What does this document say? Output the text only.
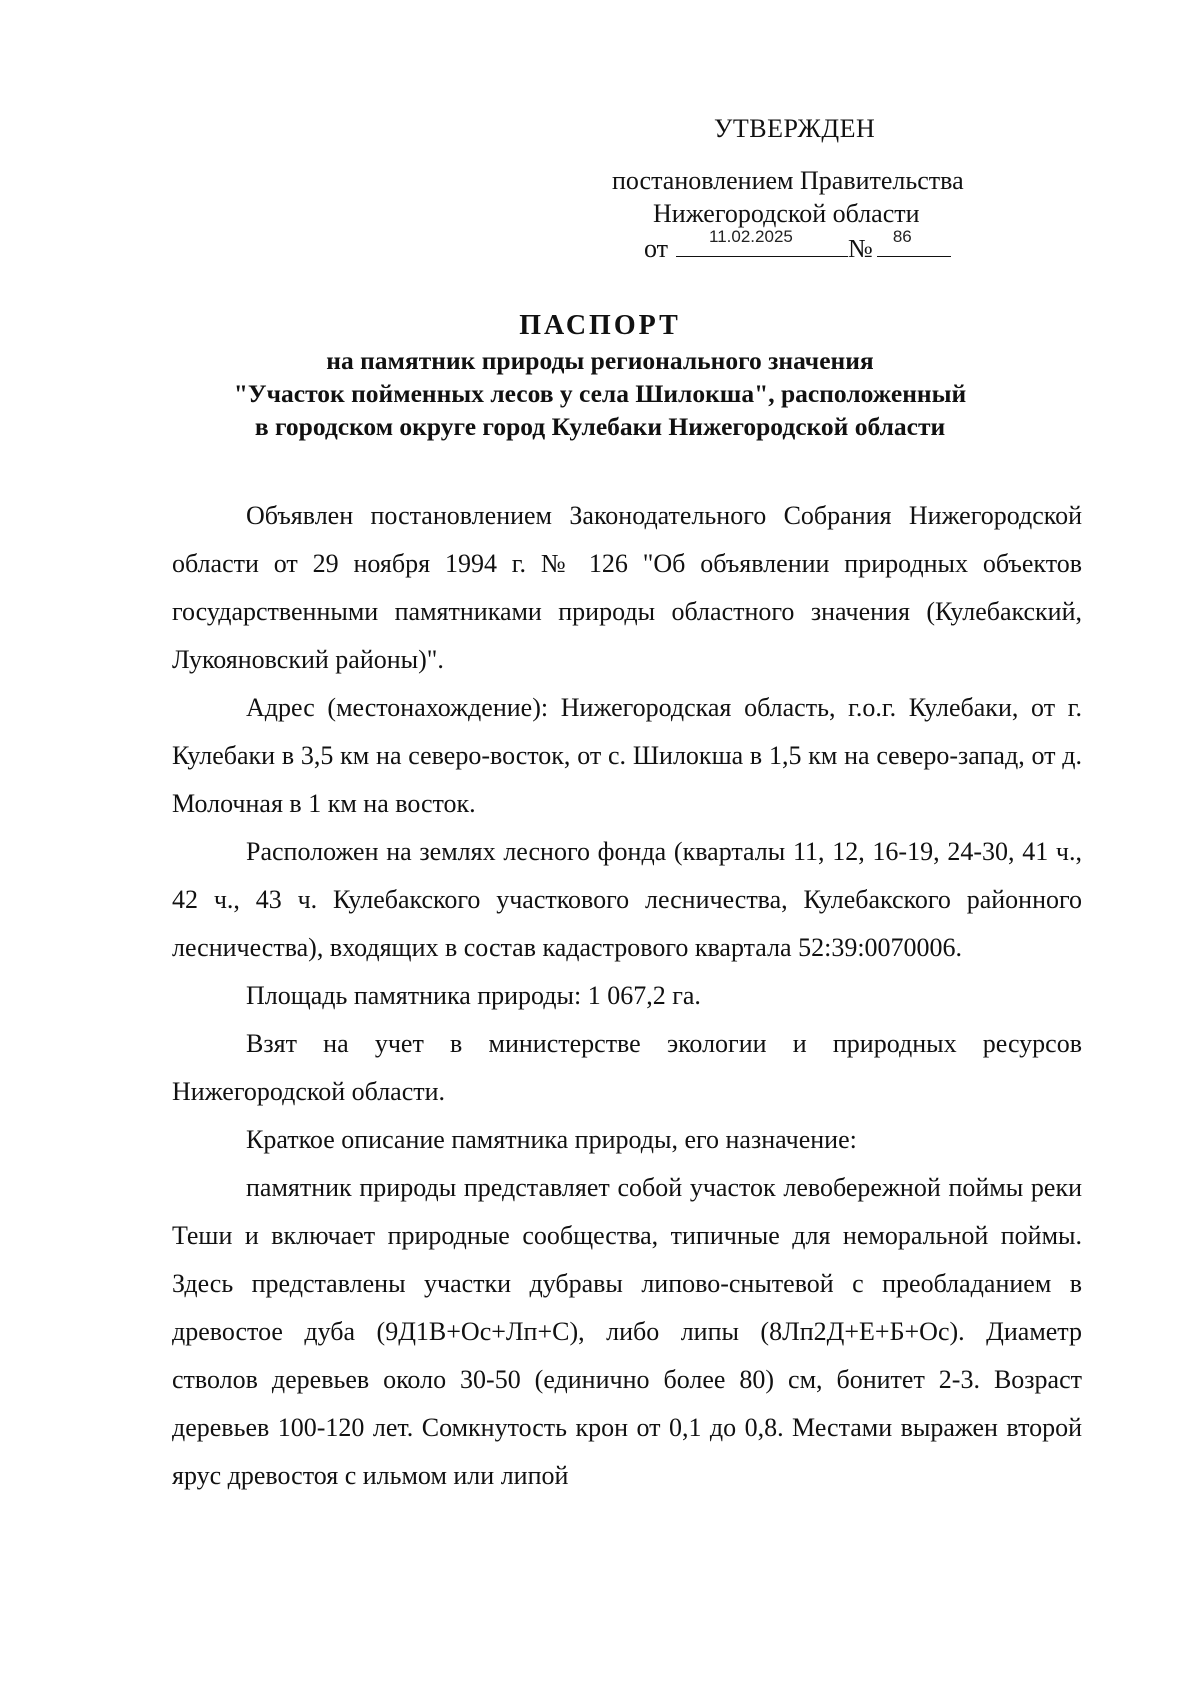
УТВЕРЖДЕН
постановлением Правительства
Нижегородской области
от 11.02.2025 № 86
ПАСПОРТ
на памятник природы регионального значения
"Участок пойменных лесов у села Шилокша", расположенный
в городском округе город Кулебаки Нижегородской области

Объявлен постановлением Законодательного Собрания Нижегородской области от 29 ноября 1994 г. № 126 "Об объявлении природных объектов государственными памятниками природы областного значения (Кулебакский, Лукояновский районы)".

Адрес (местонахождение): Нижегородская область, г.о.г. Кулебаки, от г. Кулебаки в 3,5 км на северо-восток, от с. Шилокша в 1,5 км на северо-запад, от д. Молочная в 1 км на восток.

Расположен на землях лесного фонда (кварталы 11, 12, 16-19, 24-30, 41 ч., 42 ч., 43 ч. Кулебакского участкового лесничества, Кулебакского районного лесничества), входящих в состав кадастрового квартала 52:39:0070006.

Площадь памятника природы: 1 067,2 га.

Взят на учет в министерстве экологии и природных ресурсов Нижегородской области.

Краткое описание памятника природы, его назначение:

памятник природы представляет собой участок левобережной поймы реки Теши и включает природные сообщества, типичные для неморальной поймы. Здесь представлены участки дубравы липово-снытевой с преобладанием в древостое дуба (9Д1В+Ос+Лп+С), либо липы (8Лп2Д+Е+Б+Ос). Диаметр стволов деревьев около 30-50 (единично более 80) см, бонитет 2-3. Возраст деревьев 100-120 лет. Сомкнутость крон от 0,1 до 0,8. Местами выражен второй ярус древостоя с ильмом или липой
